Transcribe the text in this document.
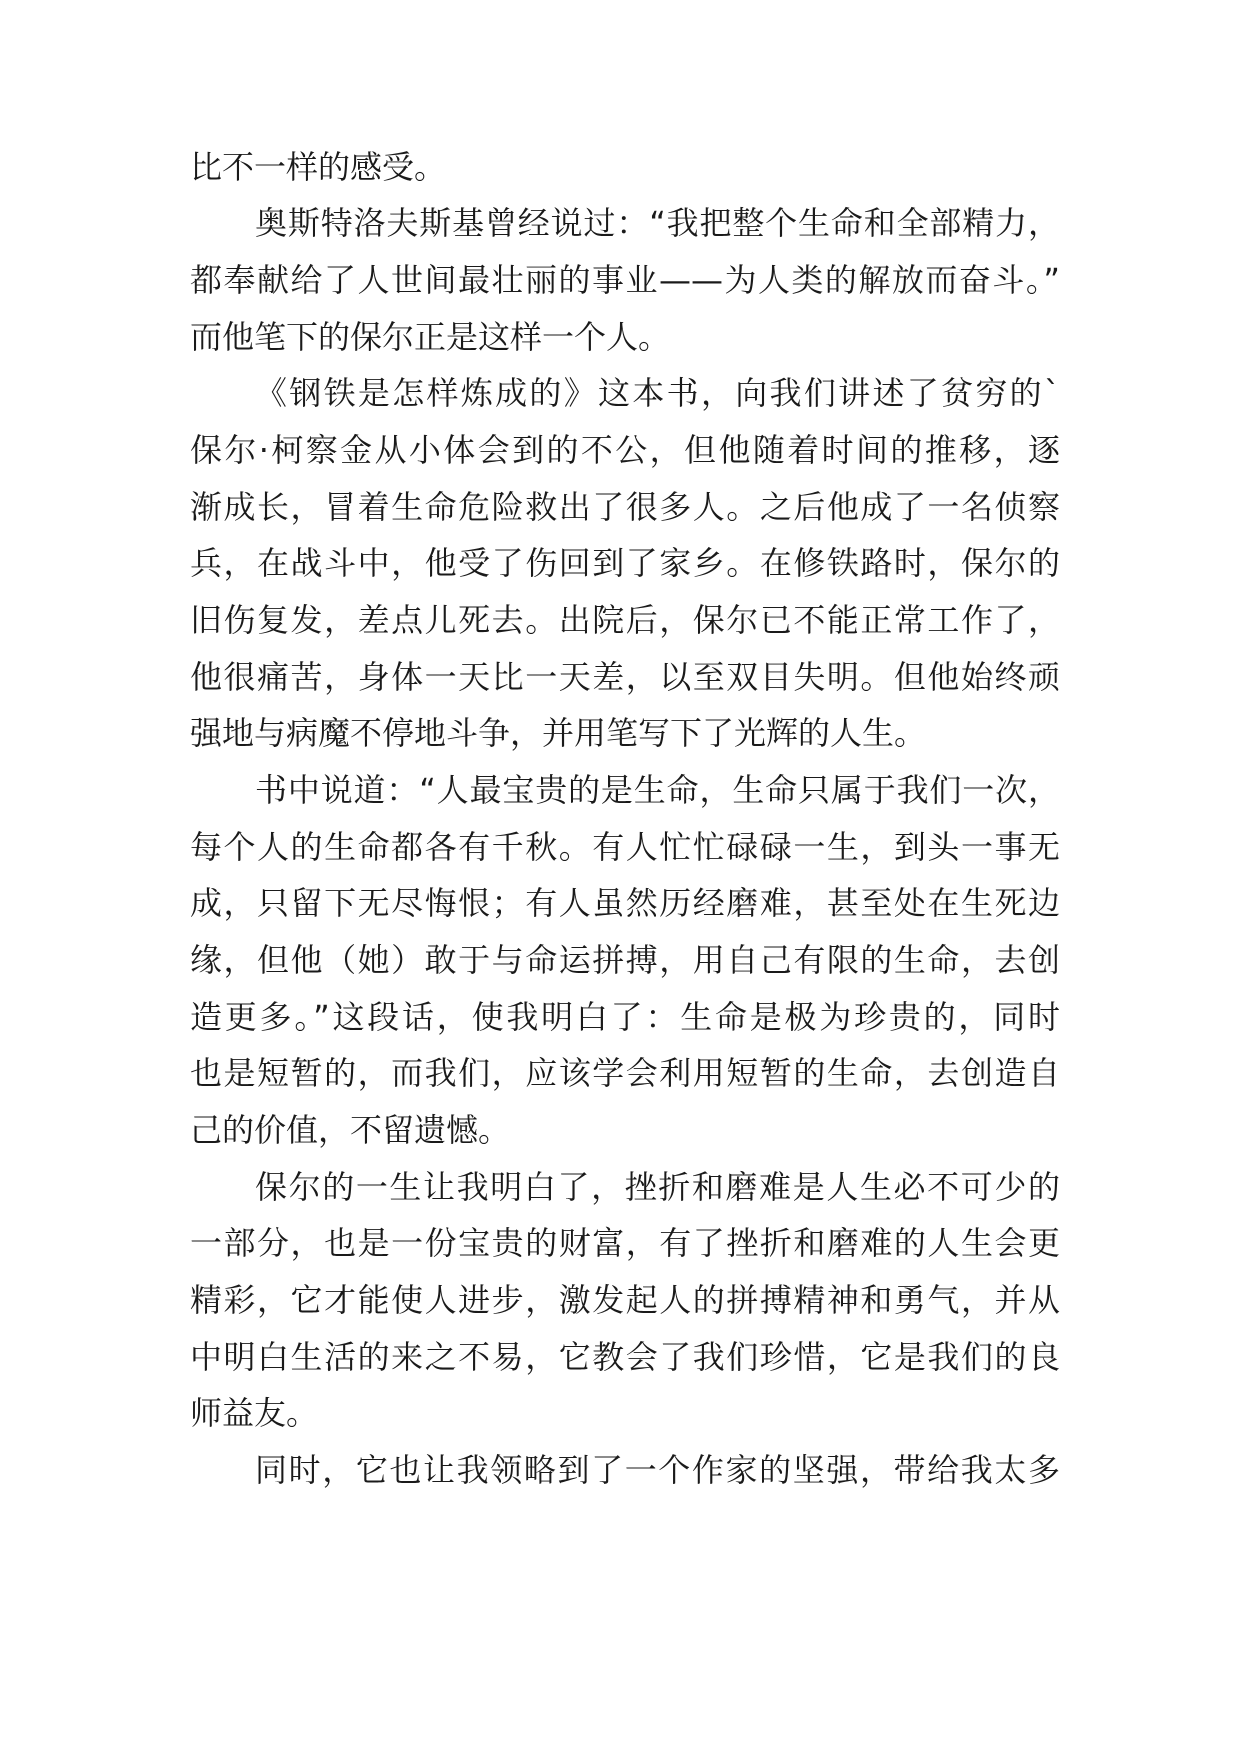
比不一样的感受。

奥斯特洛夫斯基曾经说过：“我把整个生命和全部精力，

都奉献给了人世间最壮丽的事业——为人类的解放而奋斗。”

而他笔下的保尔正是这样一个人。

《钢铁是怎样炼成的》这本书，向我们讲述了贫穷的`

保尔·柯察金从小体会到的不公，但他随着时间的推移，逐

渐成长，冒着生命危险救出了很多人。之后他成了一名侦察

兵，在战斗中，他受了伤回到了家乡。在修铁路时，保尔的

旧伤复发，差点儿死去。出院后，保尔已不能正常工作了，

他很痛苦，身体一天比一天差，以至双目失明。但他始终顽

强地与病魔不停地斗争，并用笔写下了光辉的人生。

书中说道：“人最宝贵的是生命，生命只属于我们一次，

每个人的生命都各有千秋。有人忙忙碌碌一生，到头一事无

成，只留下无尽悔恨；有人虽然历经磨难，甚至处在生死边

缘，但他（她）敢于与命运拼搏，用自己有限的生命，去创

造更多。”这段话，使我明白了：生命是极为珍贵的，同时

也是短暂的，而我们，应该学会利用短暂的生命，去创造自

己的价值，不留遗憾。

保尔的一生让我明白了，挫折和磨难是人生必不可少的

一部分，也是一份宝贵的财富，有了挫折和磨难的人生会更

精彩，它才能使人进步，激发起人的拼搏精神和勇气，并从

中明白生活的来之不易，它教会了我们珍惜，它是我们的良

师益友。

同时，它也让我领略到了一个作家的坚强，带给我太多
